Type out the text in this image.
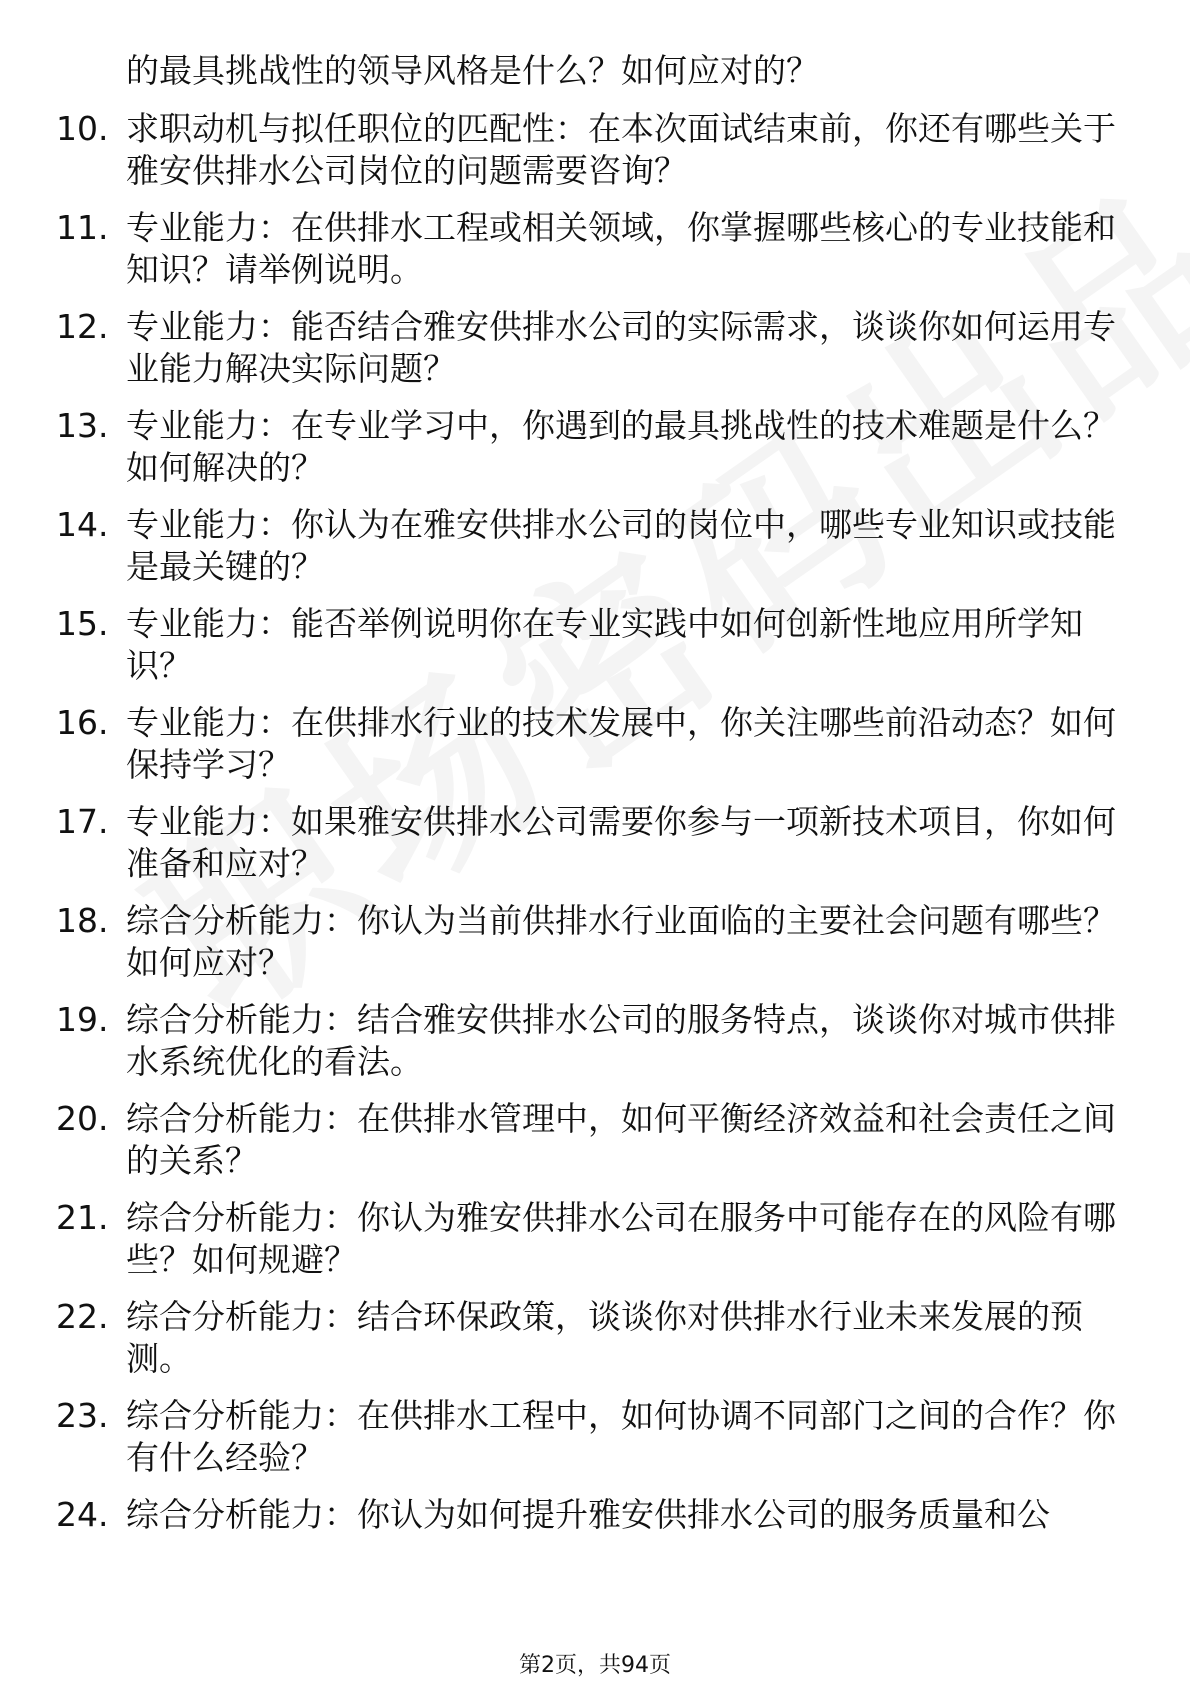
的最具挑战性的领导风格是什么？如何应对的？
10. 求职动机与拟任职位的匹配性：在本次面试结束前，你还有哪些关于雅安供排水公司岗位的问题需要咨询？
11. 专业能力：在供排水工程或相关领域，你掌握哪些核心的专业技能和知识？请举例说明。
12. 专业能力：能否结合雅安供排水公司的实际需求，谈谈你如何运用专业能力解决实际问题？
13. 专业能力：在专业学习中，你遇到的最具挑战性的技术难题是什么？如何解决的？
14. 专业能力：你认为在雅安供排水公司的岗位中，哪些专业知识或技能是最关键的？
15. 专业能力：能否举例说明你在专业实践中如何创新性地应用所学知识？
16. 专业能力：在供排水行业的技术发展中，你关注哪些前沿动态？如何保持学习？
17. 专业能力：如果雅安供排水公司需要你参与一项新技术项目，你如何准备和应对？
18. 综合分析能力：你认为当前供排水行业面临的主要社会问题有哪些？如何应对？
19. 综合分析能力：结合雅安供排水公司的服务特点，谈谈你对城市供排水系统优化的看法。
20. 综合分析能力：在供排水管理中，如何平衡经济效益和社会责任之间的关系？
21. 综合分析能力：你认为雅安供排水公司在服务中可能存在的风险有哪些？如何规避？
22. 综合分析能力：结合环保政策，谈谈你对供排水行业未来发展的预测。
23. 综合分析能力：在供排水工程中，如何协调不同部门之间的合作？你有什么经验？
24. 综合分析能力：你认为如何提升雅安供排水公司的服务质量和公
第2页，共94页
